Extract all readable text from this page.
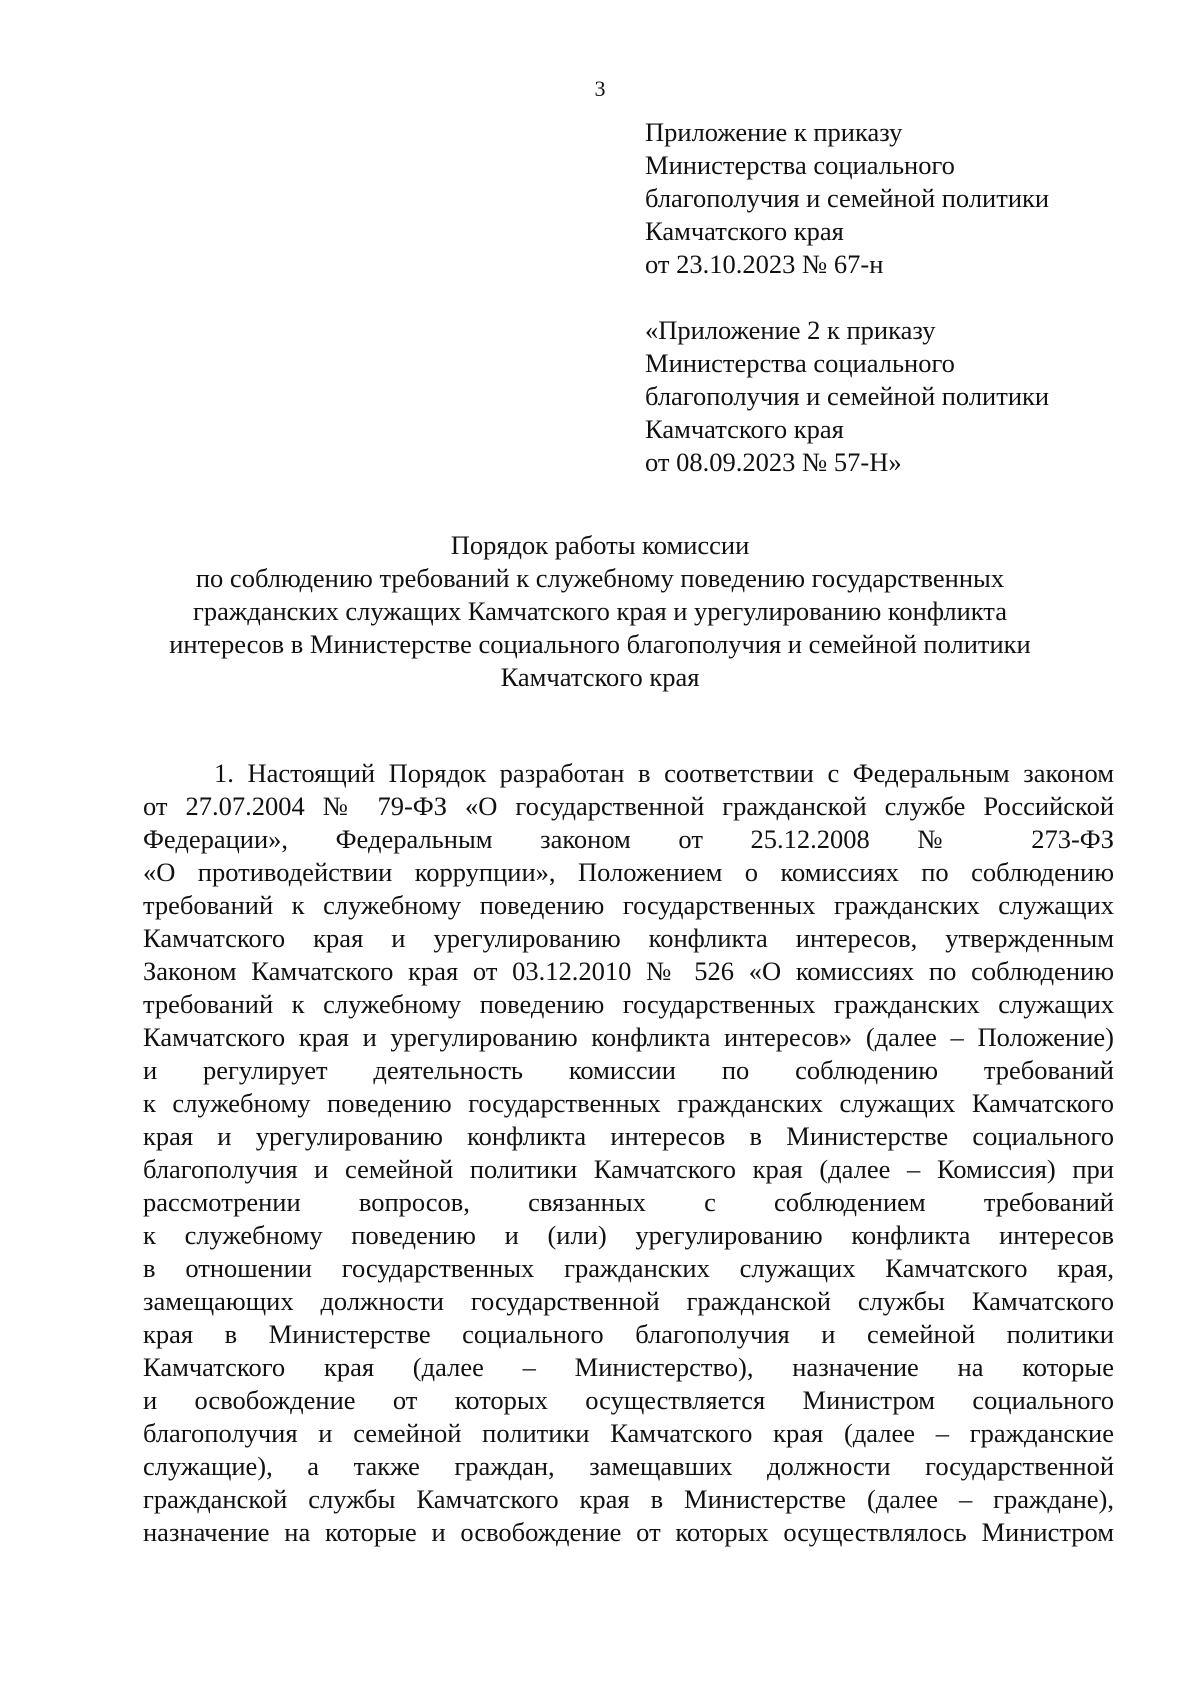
3
Приложение к приказу
Министерства социального
благополучия и семейной политики
Камчатского края
от 23.10.2023 № 67-н
«Приложение 2 к приказу
Министерства социального
благополучия и семейной политики
Камчатского края
от 08.09.2023 № 57-Н»
Порядок работы комиссии
по соблюдению требований к служебному поведению государственных
гражданских служащих Камчатского края и урегулированию конфликта
интересов в Министерстве социального благополучия и семейной политики
Камчатского края
1. Настоящий Порядок разработан в соответствии с Федеральным законом
от 27.07.2004 № 79-ФЗ «О государственной гражданской службе Российской
Федерации», Федеральным законом от 25.12.2008 № 273-ФЗ
«О противодействии коррупции», Положением о комиссиях по соблюдению
требований к служебному поведению государственных гражданских служащих
Камчатского края и урегулированию конфликта интересов, утвержденным
Законом Камчатского края от 03.12.2010 № 526 «О комиссиях по соблюдению
требований к служебному поведению государственных гражданских служащих
Камчатского края и урегулированию конфликта интересов» (далее – Положение)
и регулирует деятельность комиссии по соблюдению требований
к служебному поведению государственных гражданских служащих Камчатского
края и урегулированию конфликта интересов в Министерстве социального
благополучия и семейной политики Камчатского края (далее – Комиссия) при
рассмотрении вопросов, связанных с соблюдением требований
к служебному поведению и (или) урегулированию конфликта интересов
в отношении государственных гражданских служащих Камчатского края,
замещающих должности государственной гражданской службы Камчатского
края в Министерстве социального благополучия и семейной политики
Камчатского края (далее – Министерство), назначение на которые
и освобождение от которых осуществляется Министром социального
благополучия и семейной политики Камчатского края (далее – гражданские
служащие), а также граждан, замещавших должности государственной
гражданской службы Камчатского края в Министерстве (далее – граждане),
назначение на которые и освобождение от которых осуществлялось Министром
